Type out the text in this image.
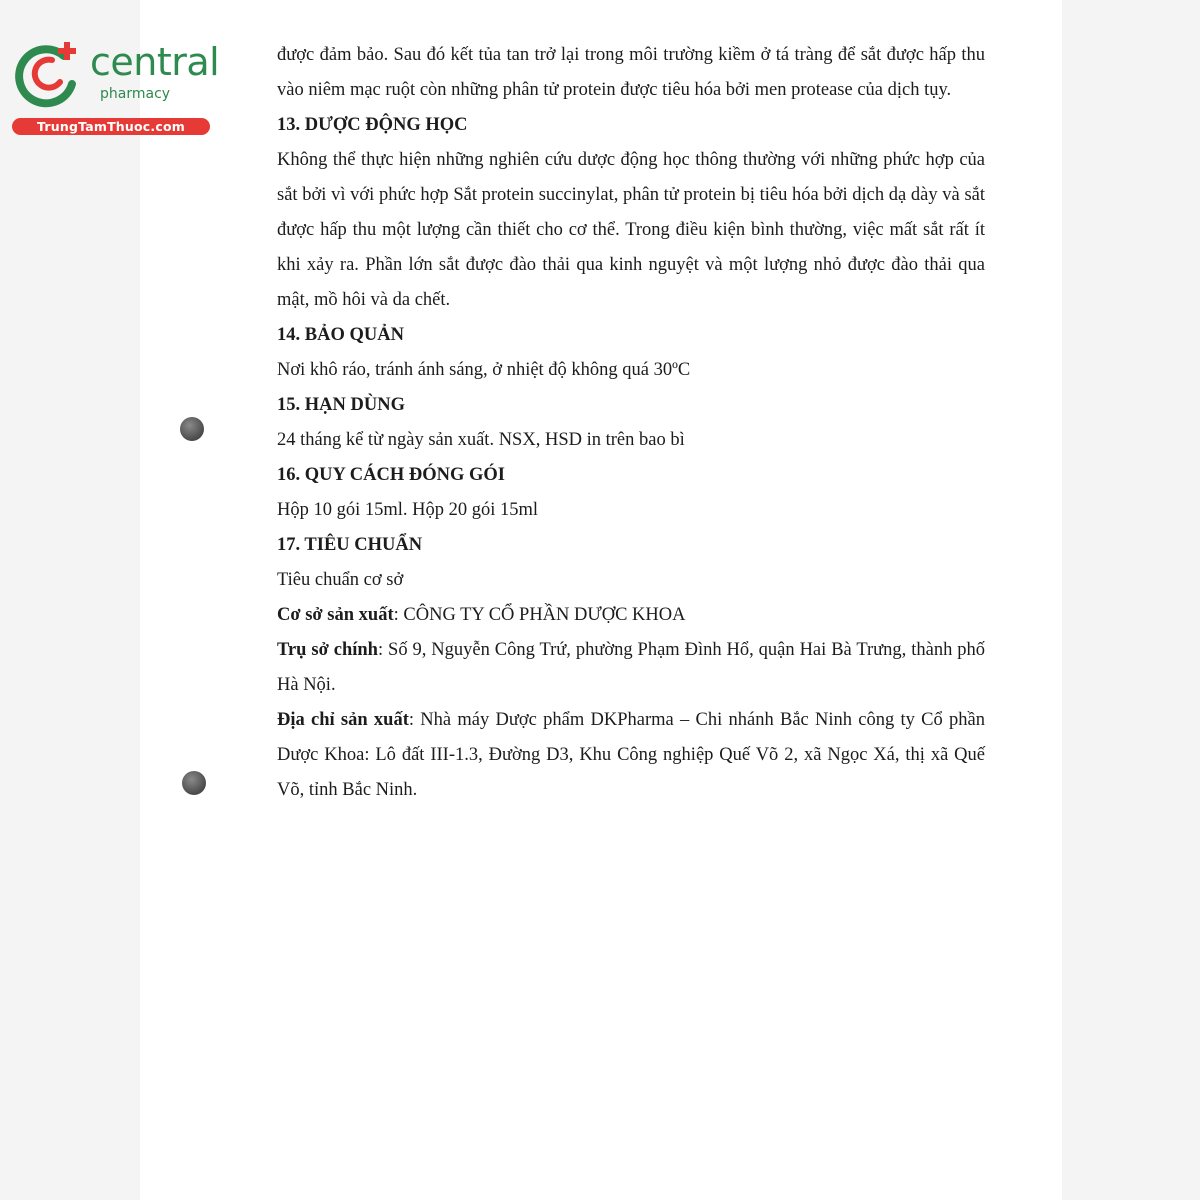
central
pharmacy
TrungTamThuoc.com

được đảm bảo. Sau đó kết tủa tan trở lại trong môi trường kiềm ở tá tràng để sắt được hấp thu vào niêm mạc ruột còn những phân tử protein được tiêu hóa bởi men protease của dịch tụy.

13. DƯỢC ĐỘNG HỌC

Không thể thực hiện những nghiên cứu dược động học thông thường với những phức hợp của sắt bởi vì với phức hợp Sắt protein succinylat, phân tử protein bị tiêu hóa bởi dịch dạ dày và sắt được hấp thu một lượng cần thiết cho cơ thể. Trong điều kiện bình thường, việc mất sắt rất ít khi xảy ra. Phần lớn sắt được đào thải qua kinh nguyệt và một lượng nhỏ được đào thải qua mật, mồ hôi và da chết.

14. BẢO QUẢN

Nơi khô ráo, tránh ánh sáng, ở nhiệt độ không quá 30ºC

15. HẠN DÙNG

24 tháng kể từ ngày sản xuất. NSX, HSD in trên bao bì

16. QUY CÁCH ĐÓNG GÓI

Hộp 10 gói 15ml. Hộp 20 gói 15ml

17. TIÊU CHUẨN

Tiêu chuẩn cơ sở

Cơ sở sản xuất: CÔNG TY CỔ PHẦN DƯỢC KHOA

Trụ sở chính: Số 9, Nguyễn Công Trứ, phường Phạm Đình Hổ, quận Hai Bà Trưng, thành phố Hà Nội.

Địa chỉ sản xuất: Nhà máy Dược phẩm DKPharma – Chi nhánh Bắc Ninh công ty Cổ phần Dược Khoa: Lô đất III-1.3, Đường D3, Khu Công nghiệp Quế Võ 2, xã Ngọc Xá, thị xã Quế Võ, tỉnh Bắc Ninh.
